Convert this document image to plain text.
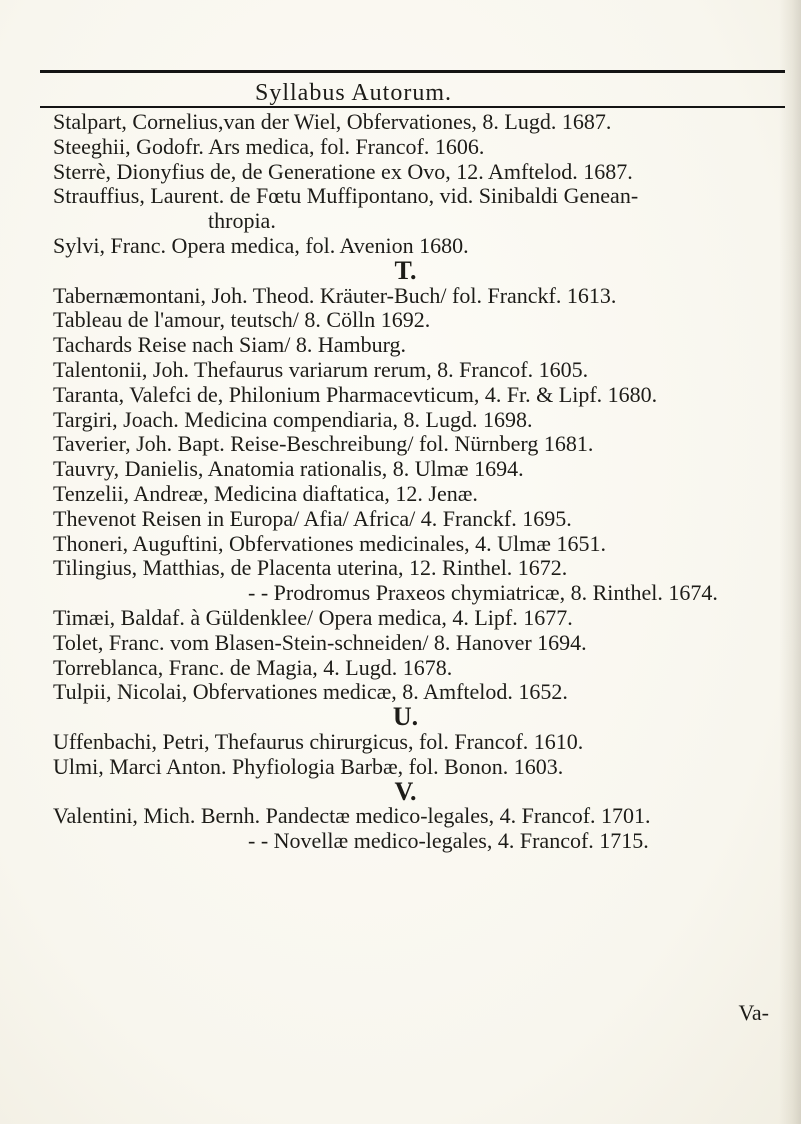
Syllabus Autorum.
Stalpart, Cornelius,van der Wiel, Obfervationes, 8. Lugd. 1687.
Steeghii, Godofr. Ars medica, fol. Francof. 1606.
Sterrè, Dionyfius de, de Generatione ex Ovo, 12. Amftelod. 1687.
Strauffius, Laurent. de Fœtu Muffipontano, vid. Sinibaldi Genean-
thropia.
Sylvi, Franc. Opera medica, fol. Avenion 1680.
T.
Tabernæmontani, Joh. Theod. Kräuter-Buch/ fol. Franckf. 1613.
Tableau de l'amour, teutsch/ 8. Cölln 1692.
Tachards Reise nach Siam/ 8. Hamburg.
Talentonii, Joh. Thefaurus variarum rerum, 8. Francof. 1605.
Taranta, Valefci de, Philonium Pharmacevticum, 4. Fr. & Lipf. 1680.
Targiri, Joach. Medicina compendiaria, 8. Lugd. 1698.
Taverier, Joh. Bapt. Reise-Beschreibung/ fol. Nürnberg 1681.
Tauvry, Danielis, Anatomia rationalis, 8. Ulmæ 1694.
Tenzelii, Andreæ, Medicina diaftatica, 12. Jenæ.
Thevenot Reisen in Europa/ Afia/ Africa/ 4. Franckf. 1695.
Thoneri, Auguftini, Obfervationes medicinales, 4. Ulmæ 1651.
Tilingius, Matthias, de Placenta uterina, 12. Rinthel. 1672.
- - Prodromus Praxeos chymiatricæ, 8. Rinthel. 1674.
Timæi, Baldaf. à Güldenklee/ Opera medica, 4. Lipf. 1677.
Tolet, Franc. vom Blasen-Stein-schneiden/ 8. Hanover 1694.
Torreblanca, Franc. de Magia, 4. Lugd. 1678.
Tulpii, Nicolai, Obfervationes medicæ, 8. Amftelod. 1652.
U.
Uffenbachi, Petri, Thefaurus chirurgicus, fol. Francof. 1610.
Ulmi, Marci Anton. Phyfiologia Barbæ, fol. Bonon. 1603.
V.
Valentini, Mich. Bernh. Pandectæ medico-legales, 4. Francof. 1701.
- - Novellæ medico-legales, 4. Francof. 1715.
Va-
